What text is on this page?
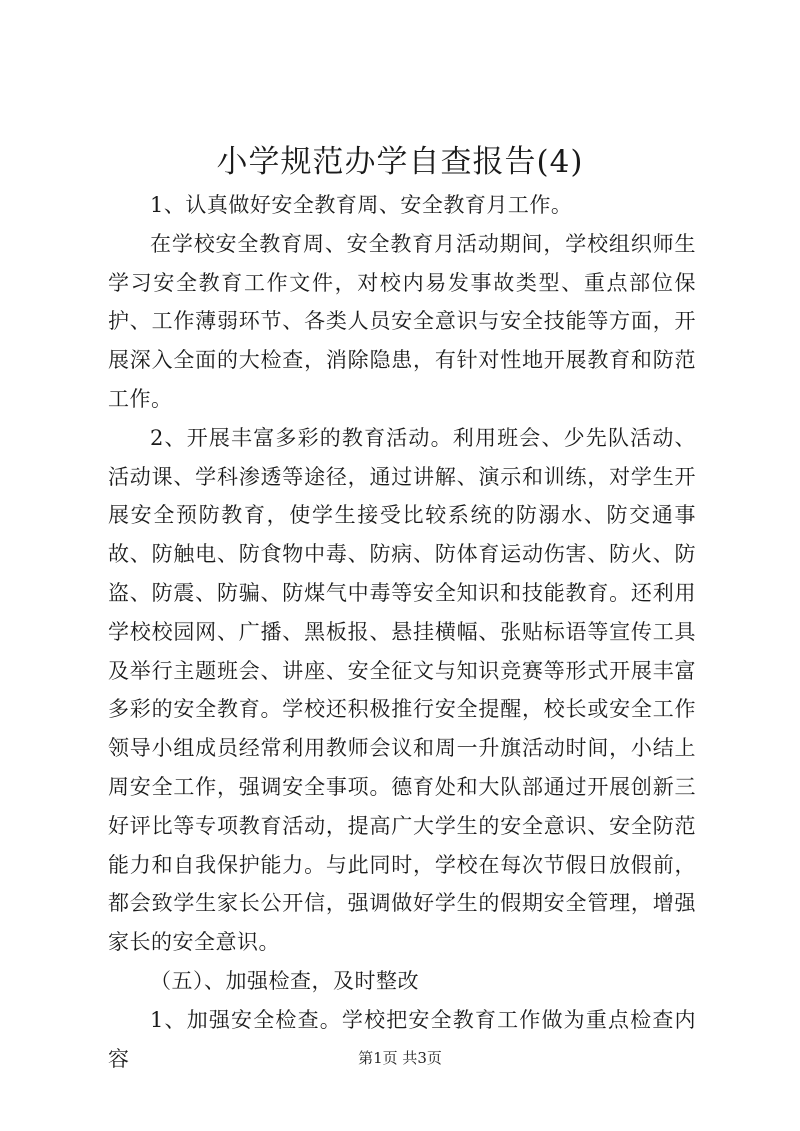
小学规范办学自查报告(4)

1、认真做好安全教育周、安全教育月工作。

在学校安全教育周、安全教育月活动期间，学校组织师生学习安全教育工作文件，对校内易发事故类型、重点部位保护、工作薄弱环节、各类人员安全意识与安全技能等方面，开展深入全面的大检查，消除隐患，有针对性地开展教育和防范工作。

2、开展丰富多彩的教育活动。利用班会、少先队活动、活动课、学科渗透等途径，通过讲解、演示和训练，对学生开展安全预防教育，使学生接受比较系统的防溺水、防交通事故、防触电、防食物中毒、防病、防体育运动伤害、防火、防盗、防震、防骗、防煤气中毒等安全知识和技能教育。还利用学校校园网、广播、黑板报、悬挂横幅、张贴标语等宣传工具及举行主题班会、讲座、安全征文与知识竞赛等形式开展丰富多彩的安全教育。学校还积极推行安全提醒，校长或安全工作领导小组成员经常利用教师会议和周一升旗活动时间，小结上周安全工作，强调安全事项。德育处和大队部通过开展创新三好评比等专项教育活动，提高广大学生的安全意识、安全防范能力和自我保护能力。与此同时，学校在每次节假日放假前，都会致学生家长公开信，强调做好学生的假期安全管理，增强家长的安全意识。

（五）、加强检查，及时整改

1、加强安全检查。学校把安全教育工作做为重点检查内容	第1页 共3页
